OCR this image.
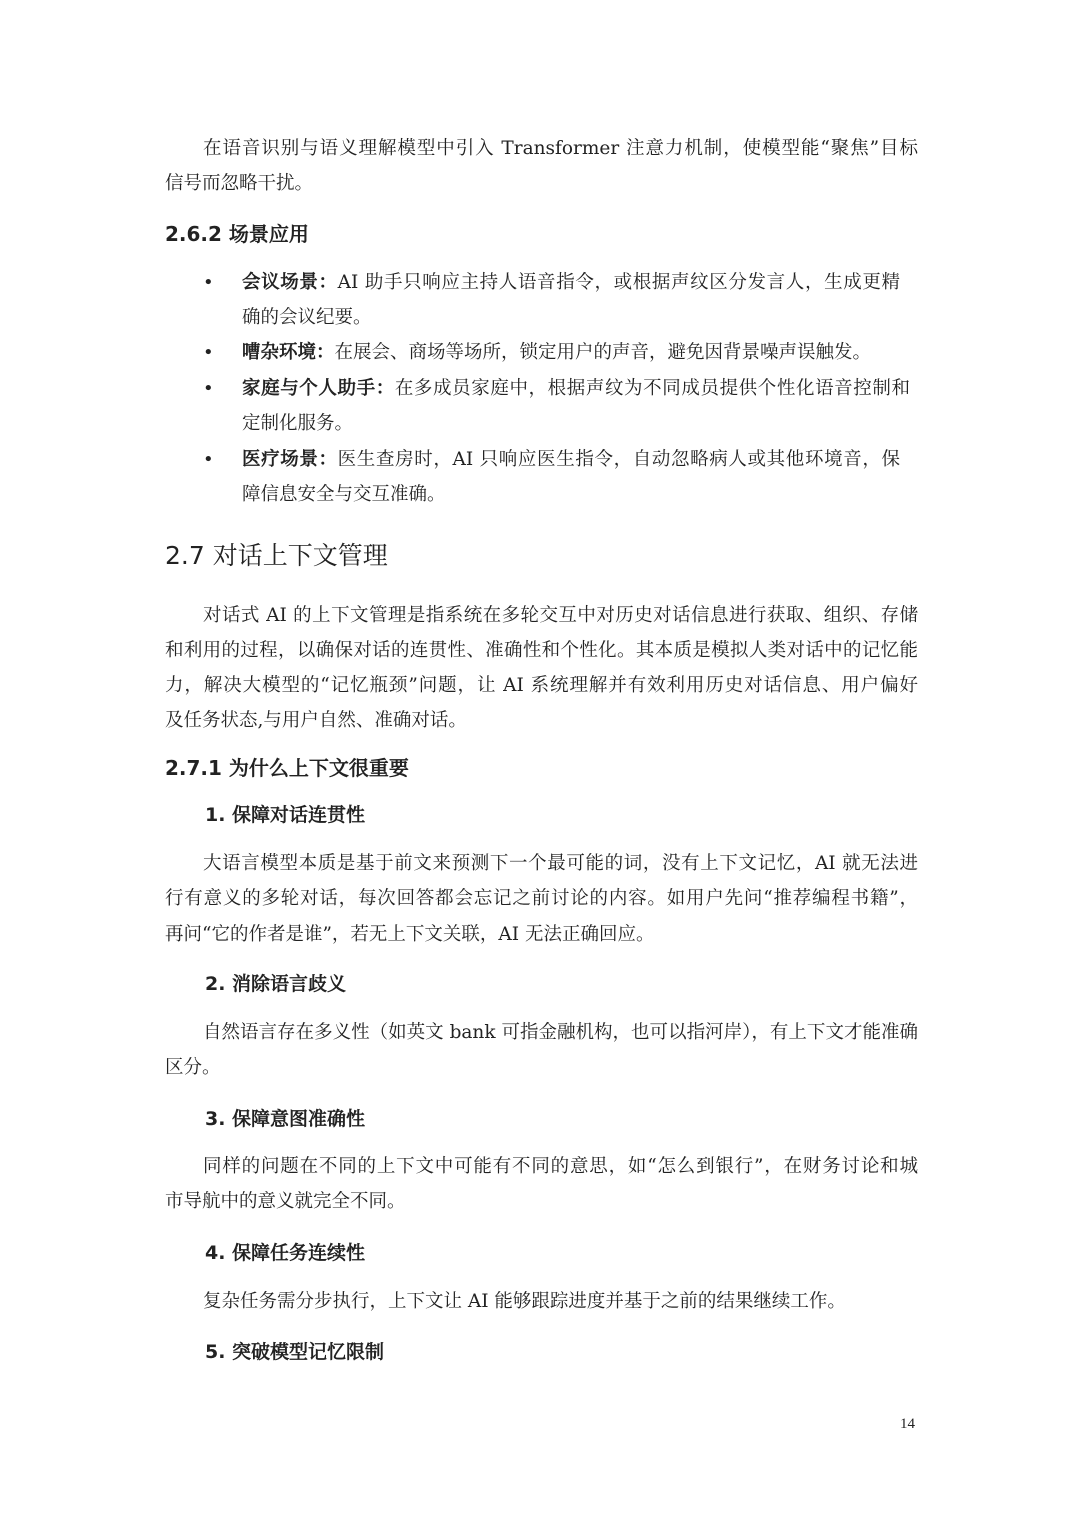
在语音识别与语义理解模型中引入 Transformer 注意力机制，使模型能“聚焦”目标
信号而忽略干扰。
2.6.2 场景应用
• 会议场景：AI 助手只响应主持人语音指令，或根据声纹区分发言人，生成更精
确的会议纪要。
• 嘈杂环境：在展会、商场等场所，锁定用户的声音，避免因背景噪声误触发。
• 家庭与个人助手：在多成员家庭中，根据声纹为不同成员提供个性化语音控制和
定制化服务。
• 医疗场景：医生查房时，AI 只响应医生指令，自动忽略病人或其他环境音，保
障信息安全与交互准确。
2.7 对话上下文管理
对话式 AI 的上下文管理是指系统在多轮交互中对历史对话信息进行获取、组织、存储
和利用的过程，以确保对话的连贯性、准确性和个性化。其本质是模拟人类对话中的记忆能
力，解决大模型的“记忆瓶颈”问题，让 AI 系统理解并有效利用历史对话信息、用户偏好
及任务状态,与用户自然、准确对话。
2.7.1 为什么上下文很重要
1. 保障对话连贯性
大语言模型本质是基于前文来预测下一个最可能的词，没有上下文记忆，AI 就无法进
行有意义的多轮对话，每次回答都会忘记之前讨论的内容。如用户先问“推荐编程书籍”，
再问“它的作者是谁”，若无上下文关联，AI 无法正确回应。
2. 消除语言歧义
自然语言存在多义性（如英文 bank 可指金融机构，也可以指河岸），有上下文才能准确
区分。
3. 保障意图准确性
同样的问题在不同的上下文中可能有不同的意思，如“怎么到银行”，在财务讨论和城
市导航中的意义就完全不同。
4. 保障任务连续性
复杂任务需分步执行，上下文让 AI 能够跟踪进度并基于之前的结果继续工作。
5. 突破模型记忆限制
14
